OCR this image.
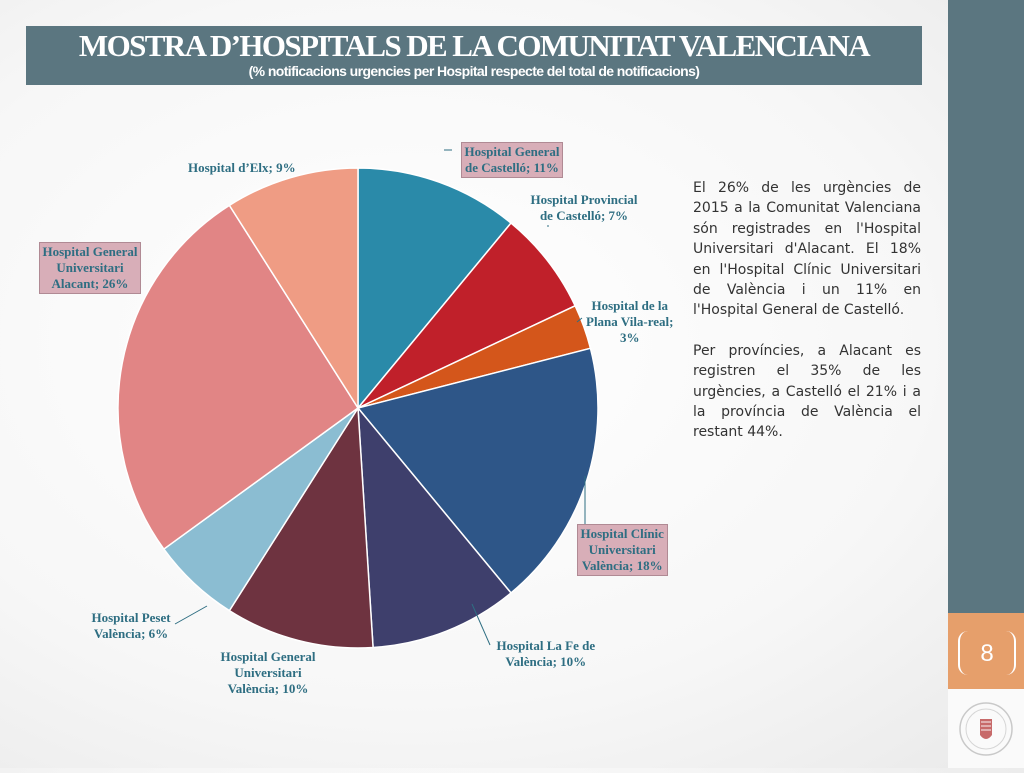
MOSTRA D’HOSPITALS DE LA COMUNITAT VALENCIANA
(% notificacions urgencies per Hospital respecte del total de notificacions)
Hospital General
de Castelló; 11%
Hospital Provincial
de Castelló; 7%
Hospital de la
Plana Vila-real;
3%
Hospital Clínic
Universitari
València; 18%
Hospital La Fe de
València; 10%
Hospital General
Universitari
València; 10%
Hospital Peset
València; 6%
Hospital General
Universitari
Alacant; 26%
Hospital d’Elx; 9%

El 26% de les urgències de 2015 a la Comunitat Valenciana són registrades en l'Hospital Universitari d'Alacant. El 18% en l'Hospital Clínic Universitari de València i un 11% en l'Hospital General de Castelló.

Per províncies, a Alacant es registren el 35% de les urgències, a Castelló el 21% i a la província de València el restant 44%.

8
